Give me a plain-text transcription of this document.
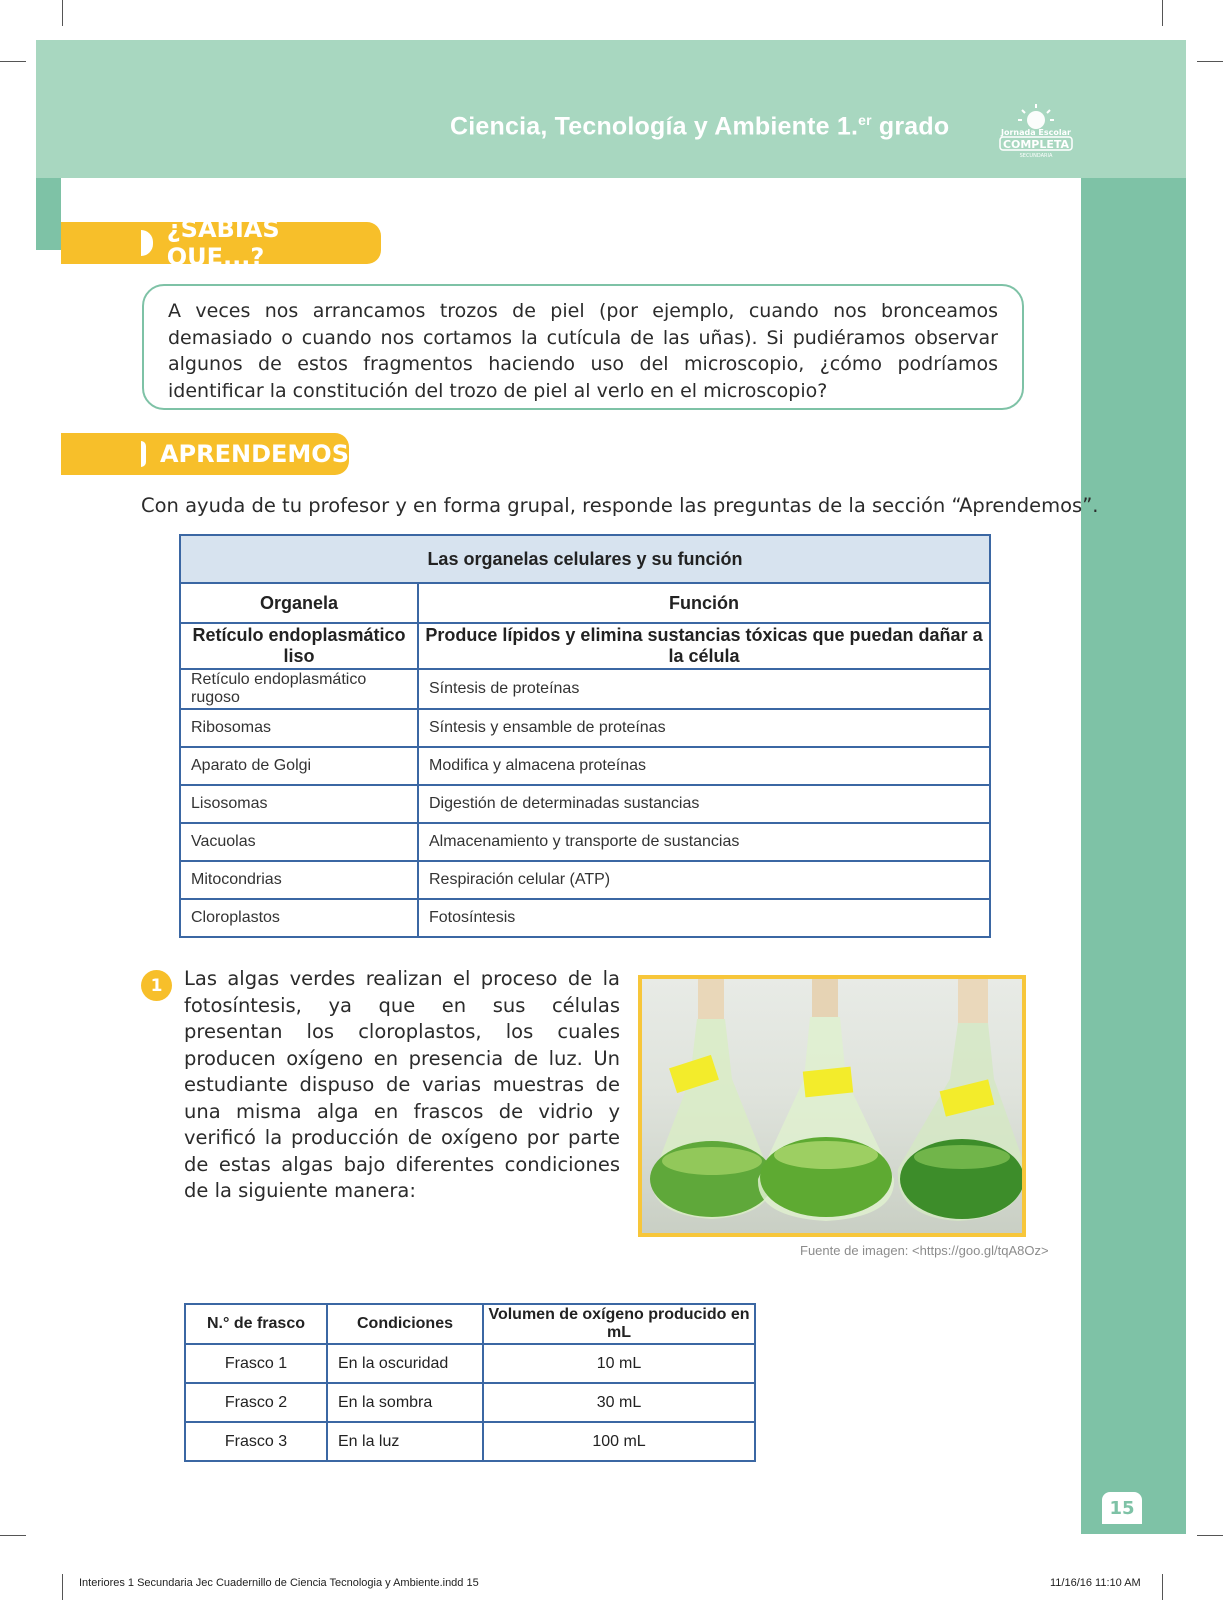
Ciencia, Tecnología y Ambiente 1.$^{er}$ grado	Jornada Escolar
COMPLETA
SECUNDARIA
¿SABÍAS QUE...?
A veces nos arrancamos trozos de piel (por ejemplo, cuando nos bronceamos demasiado o cuando nos cortamos la cutícula de las uñas). Si pudiéramos observar algunos de estos fragmentos haciendo uso del microscopio, ¿cómo podríamos identificar la constitución del trozo de piel al verlo en el microscopio?
APRENDEMOS
Con ayuda de tu profesor y en forma grupal, responde las preguntas de la sección “Aprendemos”.
Las organelas celulares y su función	
Organela	Función
Retículo endoplasmático liso	Produce lípidos y elimina sustancias tóxicas que puedan dañar a la célula
Retículo endoplasmático rugoso	Síntesis de proteínas
Ribosomas	Síntesis y ensamble de proteínas
Aparato de Golgi	Modifica y almacena proteínas
Lisosomas	Digestión de determinadas sustancias
Vacuolas	Almacenamiento y transporte de sustancias
Mitocondrias	Respiración celular (ATP)
Cloroplastos	Fotosíntesis
1	Las algas verdes realizan el proceso de la fotosíntesis, ya que en sus células presentan los cloroplastos, los cuales producen oxígeno en presencia de luz. Un estudiante dispuso de varias muestras de una misma alga en frascos de vidrio y verificó la producción de oxígeno por parte de estas algas bajo diferentes condiciones de la siguiente manera:
Fuente de imagen: <https://goo.gl/tqA8Oz>
N.° de frasco	Condiciones	Volumen de oxígeno producido en mL
Frasco 1	En la oscuridad	10 mL
Frasco 2	En la sombra	30 mL
Frasco 3	En la luz	100 mL
15
Interiores 1 Secundaria Jec Cuadernillo de Ciencia Tecnologia y Ambiente.indd 15	11/16/16 11:10 AM
